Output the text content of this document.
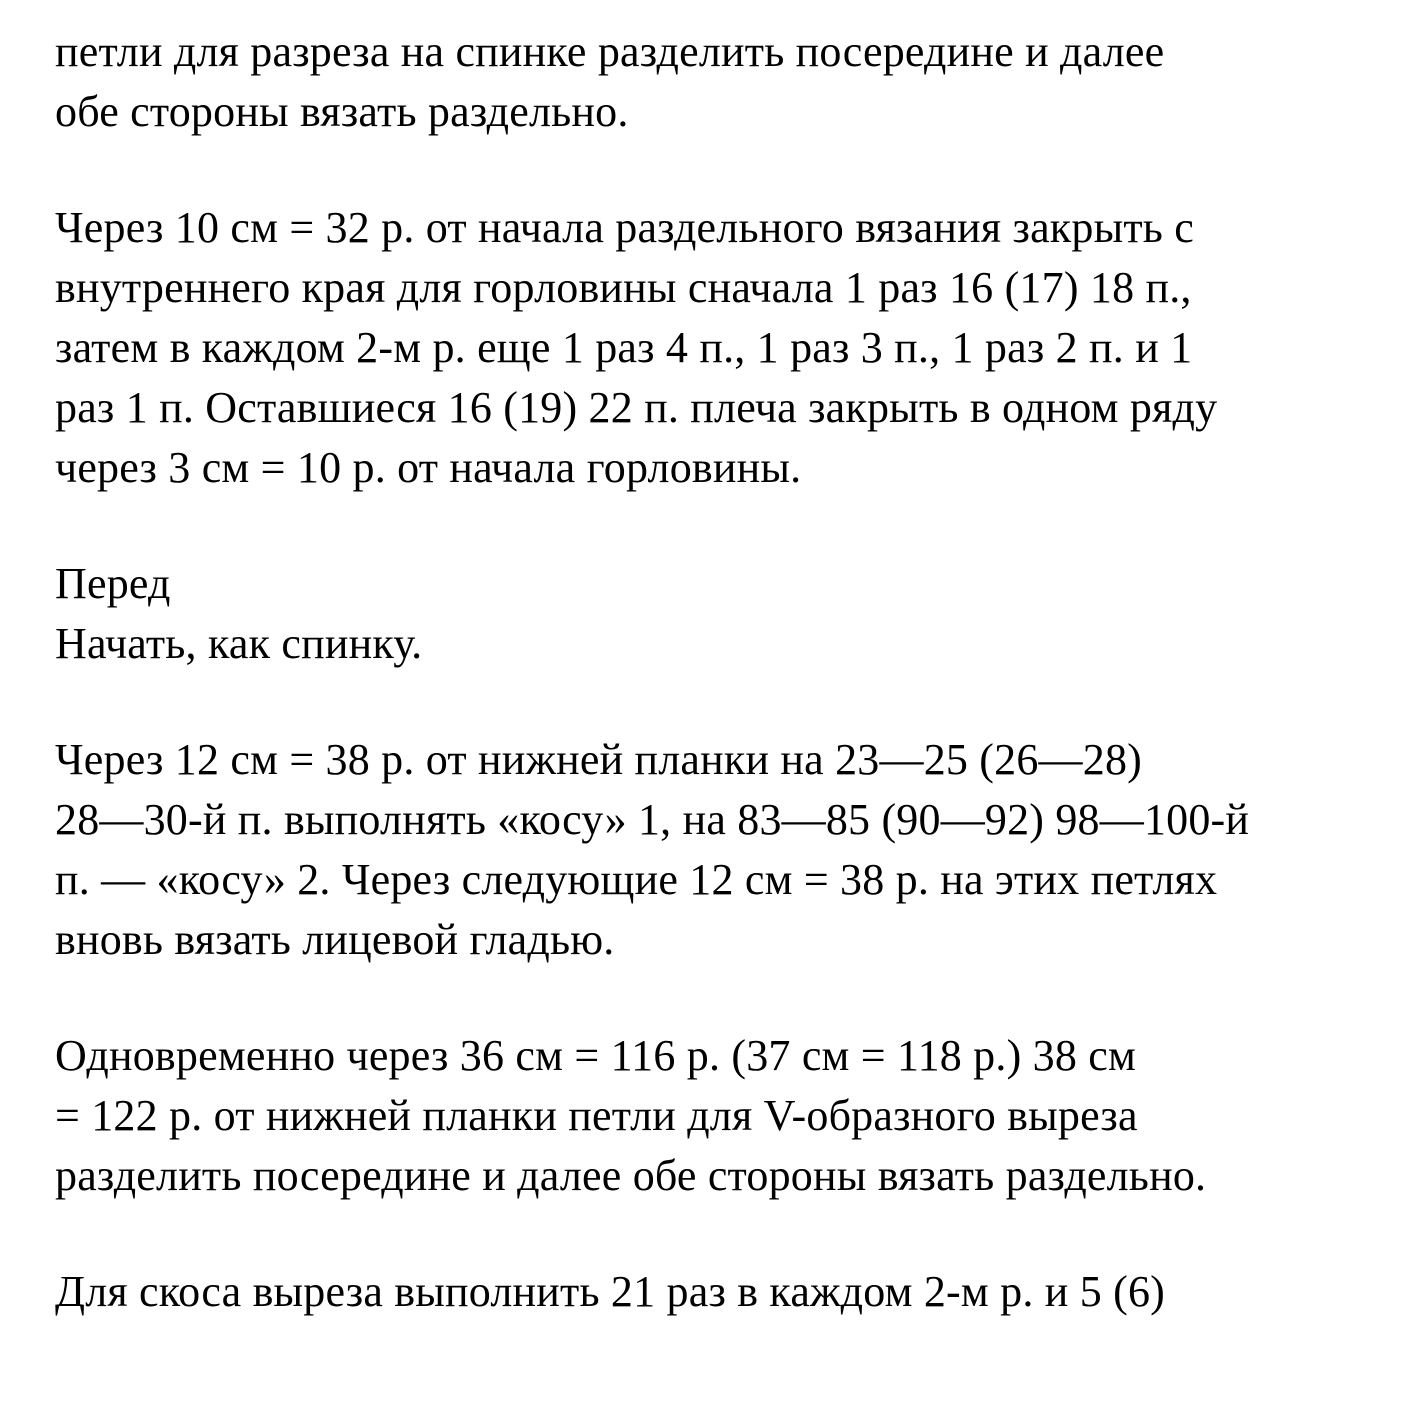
петли для разреза на спинке разделить посередине и далее
обе стороны вязать раздельно.
Через 10 см = 32 р. от начала раздельного вязания закрыть с
внутреннего края для горловины сначала 1 раз 16 (17) 18 п.,
затем в каждом 2-м р. еще 1 раз 4 п., 1 раз 3 п., 1 раз 2 п. и 1
раз 1 п. Оставшиеся 16 (19) 22 п. плеча закрыть в одном ряду
через 3 см = 10 р. от начала горловины.
Перед
Начать, как спинку.
Через 12 см = 38 р. от нижней планки на 23—25 (26—28)
28—30-й п. выполнять «косу» 1, на 83—85 (90—92) 98—100-й
п. — «косу» 2. Через следующие 12 см = 38 р. на этих петлях
вновь вязать лицевой гладью.
Одновременно через 36 см = 116 р. (37 см = 118 р.) 38 см
= 122 р. от нижней планки петли для V-образного выреза
разделить посередине и далее обе стороны вязать раздельно.
Для скоса выреза выполнить 21 раз в каждом 2-м р. и 5 (6)
